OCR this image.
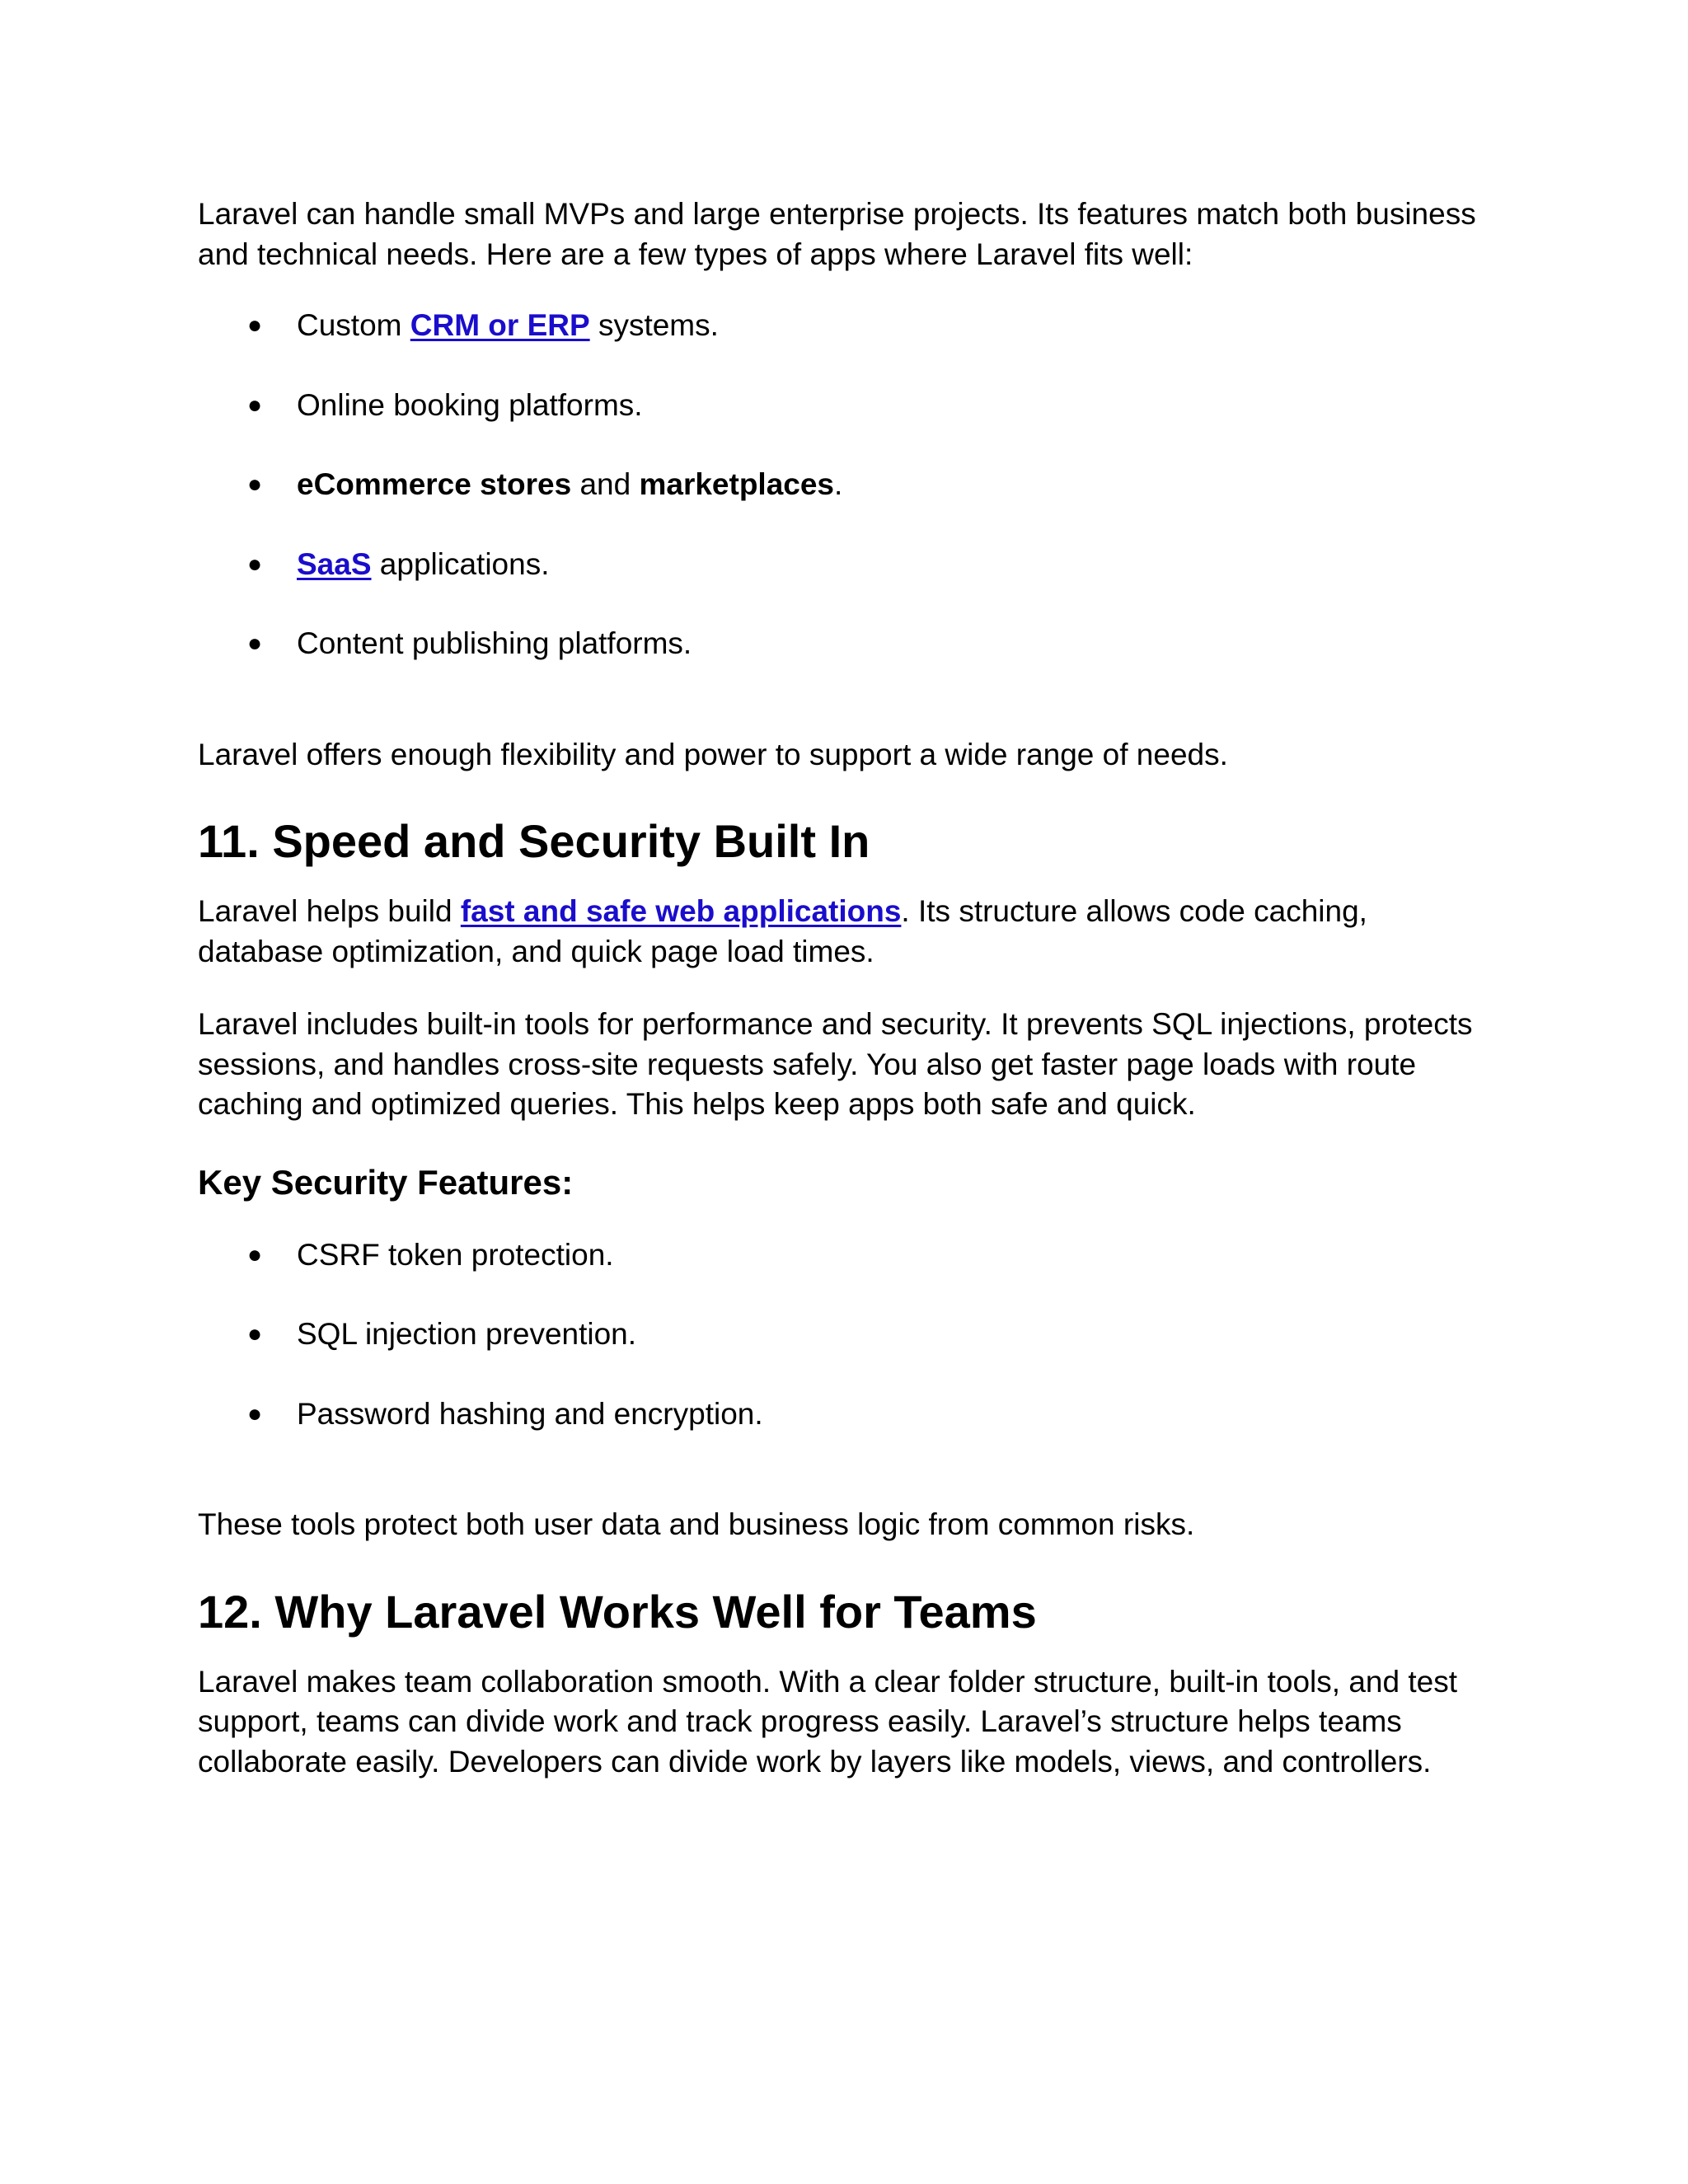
Laravel can handle small MVPs and large enterprise projects. Its features match both business and technical needs. Here are a few types of apps where Laravel fits well:

● Custom CRM or ERP systems.
● Online booking platforms.
● eCommerce stores and marketplaces.
● SaaS applications.
● Content publishing platforms.

Laravel offers enough flexibility and power to support a wide range of needs.

11. Speed and Security Built In

Laravel helps build fast and safe web applications. Its structure allows code caching, database optimization, and quick page load times.

Laravel includes built-in tools for performance and security. It prevents SQL injections, protects sessions, and handles cross-site requests safely. You also get faster page loads with route caching and optimized queries. This helps keep apps both safe and quick.

Key Security Features:
● CSRF token protection.
● SQL injection prevention.
● Password hashing and encryption.

These tools protect both user data and business logic from common risks.

12. Why Laravel Works Well for Teams

Laravel makes team collaboration smooth. With a clear folder structure, built-in tools, and test support, teams can divide work and track progress easily. Laravel’s structure helps teams collaborate easily. Developers can divide work by layers like models, views, and controllers.
